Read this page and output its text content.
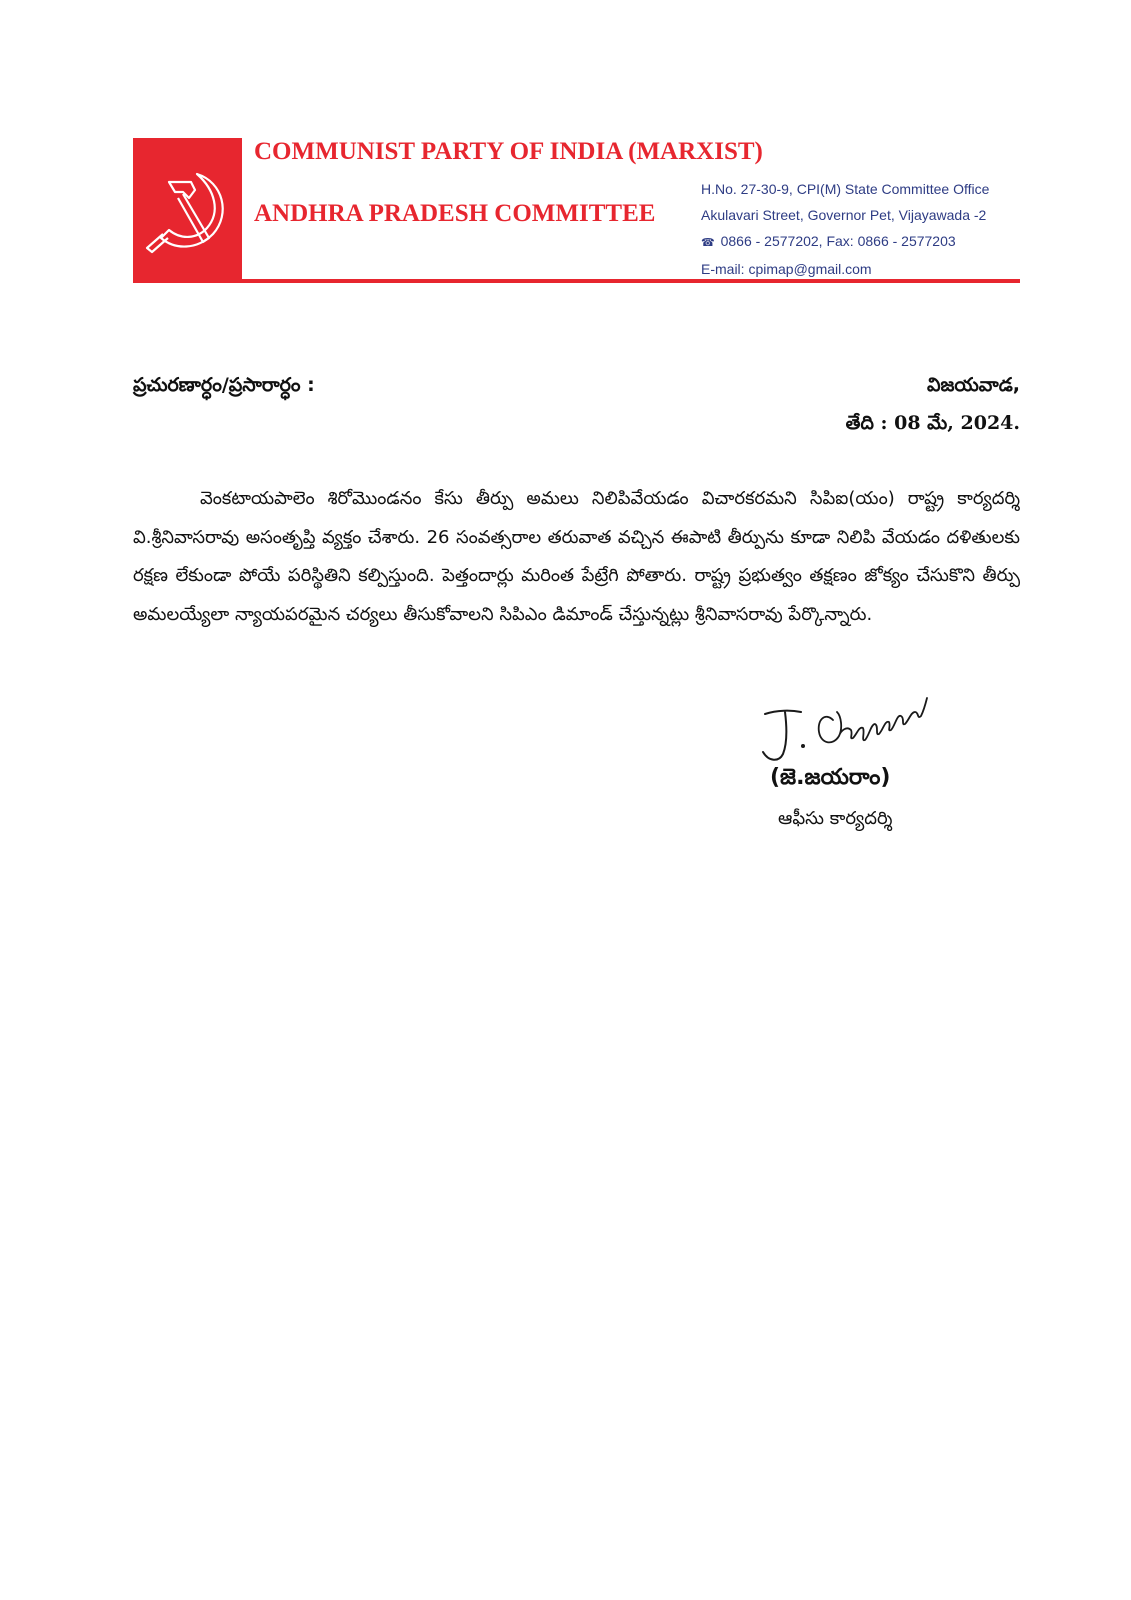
COMMUNIST PARTY OF INDIA (MARXIST)
ANDHRA PRADESH COMMITTEE
H.No. 27-30-9, CPI(M) State Committee Office
Akulavari Street, Governor Pet, Vijayawada -2
☎ 0866 - 2577202, Fax: 0866 - 2577203
E-mail: cpimap@gmail.com
ప్రచురణార్ధం/ప్రసారార్ధం :	విజయవాడ,
తేది : 08 మే, 2024.
వెంకటాయపాలెం శిరోమొండనం కేసు తీర్పు అమలు నిలిపివేయడం విచారకరమని సిపిఐ(యం) రాష్ట్ర కార్యదర్శి వి.శ్రీనివాసరావు అసంతృప్తి వ్యక్తం చేశారు. 26 సంవత్సరాల తరువాత వచ్చిన ఈపాటి తీర్పును కూడా నిలిపి వేయడం దళితులకు రక్షణ లేకుండా పోయే పరిస్థితిని కల్పిస్తుంది. పెత్తందార్లు మరింత పేట్రేగి పోతారు. రాష్ట్ర ప్రభుత్వం తక్షణం జోక్యం చేసుకొని తీర్పు అమలయ్యేలా న్యాయపరమైన చర్యలు తీసుకోవాలని సిపిఎం డిమాండ్ చేస్తున్నట్లు శ్రీనివాసరావు పేర్కొన్నారు.
(జె.జయరాం)
ఆఫీసు కార్యదర్శి
